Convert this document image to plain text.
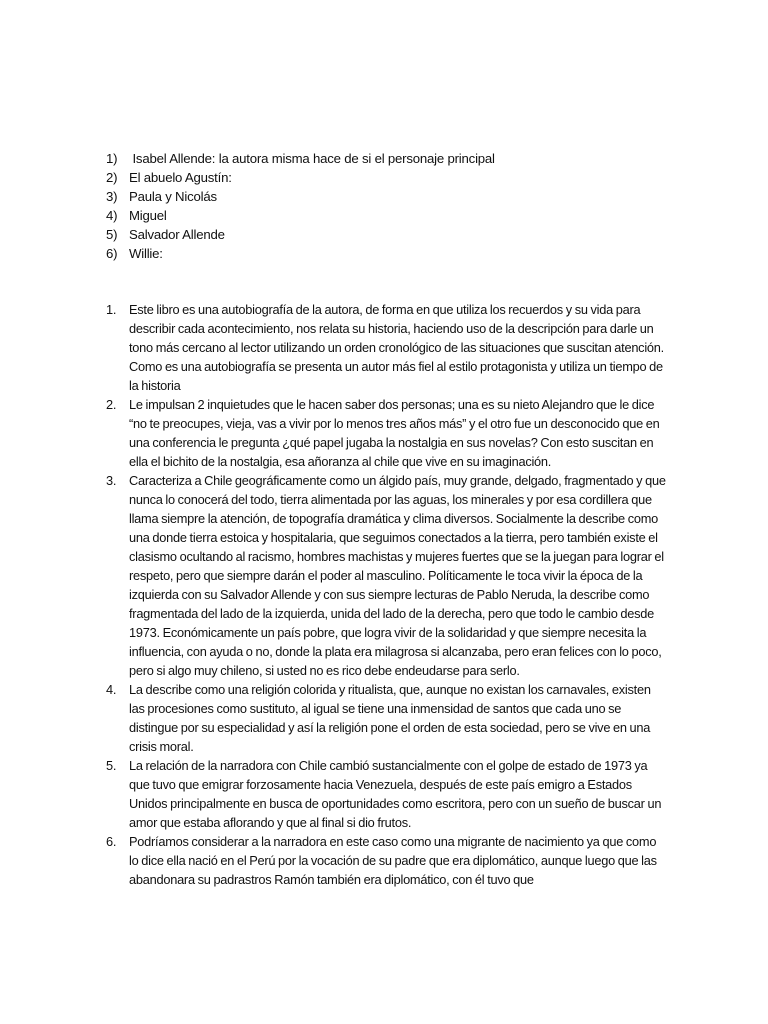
1) Isabel Allende: la autora misma hace de si el personaje principal
2) El abuelo Agustín:
3) Paula y Nicolás
4) Miguel
5) Salvador Allende
6) Willie:
1.	Este libro es una autobiografía de la autora, de forma en que utiliza los recuerdos y su vida para describir cada acontecimiento, nos relata su historia, haciendo uso de la descripción para darle un tono más cercano al lector utilizando un orden cronológico de las situaciones que suscitan atención. Como es una autobiografía se presenta un autor más fiel al estilo protagonista y utiliza un tiempo de la historia
2.	Le impulsan 2 inquietudes que le hacen saber dos personas; una es su nieto Alejandro que le dice “no te preocupes, vieja, vas a vivir por lo menos tres años más” y el otro fue un desconocido que en una conferencia le pregunta ¿qué papel jugaba la nostalgia en sus novelas? Con esto suscitan en ella el bichito de la nostalgia, esa añoranza al chile que vive en su imaginación.
3.	Caracteriza a Chile geográficamente como un álgido país, muy grande, delgado, fragmentado y que nunca lo conocerá del todo, tierra alimentada por las aguas, los minerales y por esa cordillera que llama siempre la atención, de topografía dramática y clima diversos. Socialmente la describe como una donde tierra estoica y hospitalaria, que seguimos conectados a la tierra, pero también existe el clasismo ocultando al racismo, hombres machistas y mujeres fuertes que se la juegan para lograr el respeto, pero que siempre darán el poder al masculino. Políticamente le toca vivir la época de la izquierda con su Salvador Allende y con sus siempre lecturas de Pablo Neruda, la describe como fragmentada del lado de la izquierda, unida del lado de la derecha, pero que todo le cambio desde 1973. Económicamente un país pobre, que logra vivir de la solidaridad y que siempre necesita la influencia, con ayuda o no, donde la plata era milagrosa si alcanzaba, pero eran felices con lo poco, pero si algo muy chileno, si usted no es rico debe endeudarse para serlo.
4.	La describe como una religión colorida y ritualista, que, aunque no existan los carnavales, existen las procesiones como sustituto, al igual se tiene una inmensidad de santos que cada uno se distingue por su especialidad y así la religión pone el orden de esta sociedad, pero se vive en una crisis moral.
5.	La relación de la narradora con Chile cambió sustancialmente con el golpe de estado de 1973 ya que tuvo que emigrar forzosamente hacia Venezuela, después de este país emigro a Estados Unidos principalmente en busca de oportunidades como escritora, pero con un sueño de buscar un amor que estaba aflorando y que al final si dio frutos.
6.	Podríamos considerar a la narradora en este caso como una migrante de nacimiento ya que como lo dice ella nació en el Perú por la vocación de su padre que era diplomático, aunque luego que las abandonara su padrastros Ramón también era diplomático, con él tuvo que
